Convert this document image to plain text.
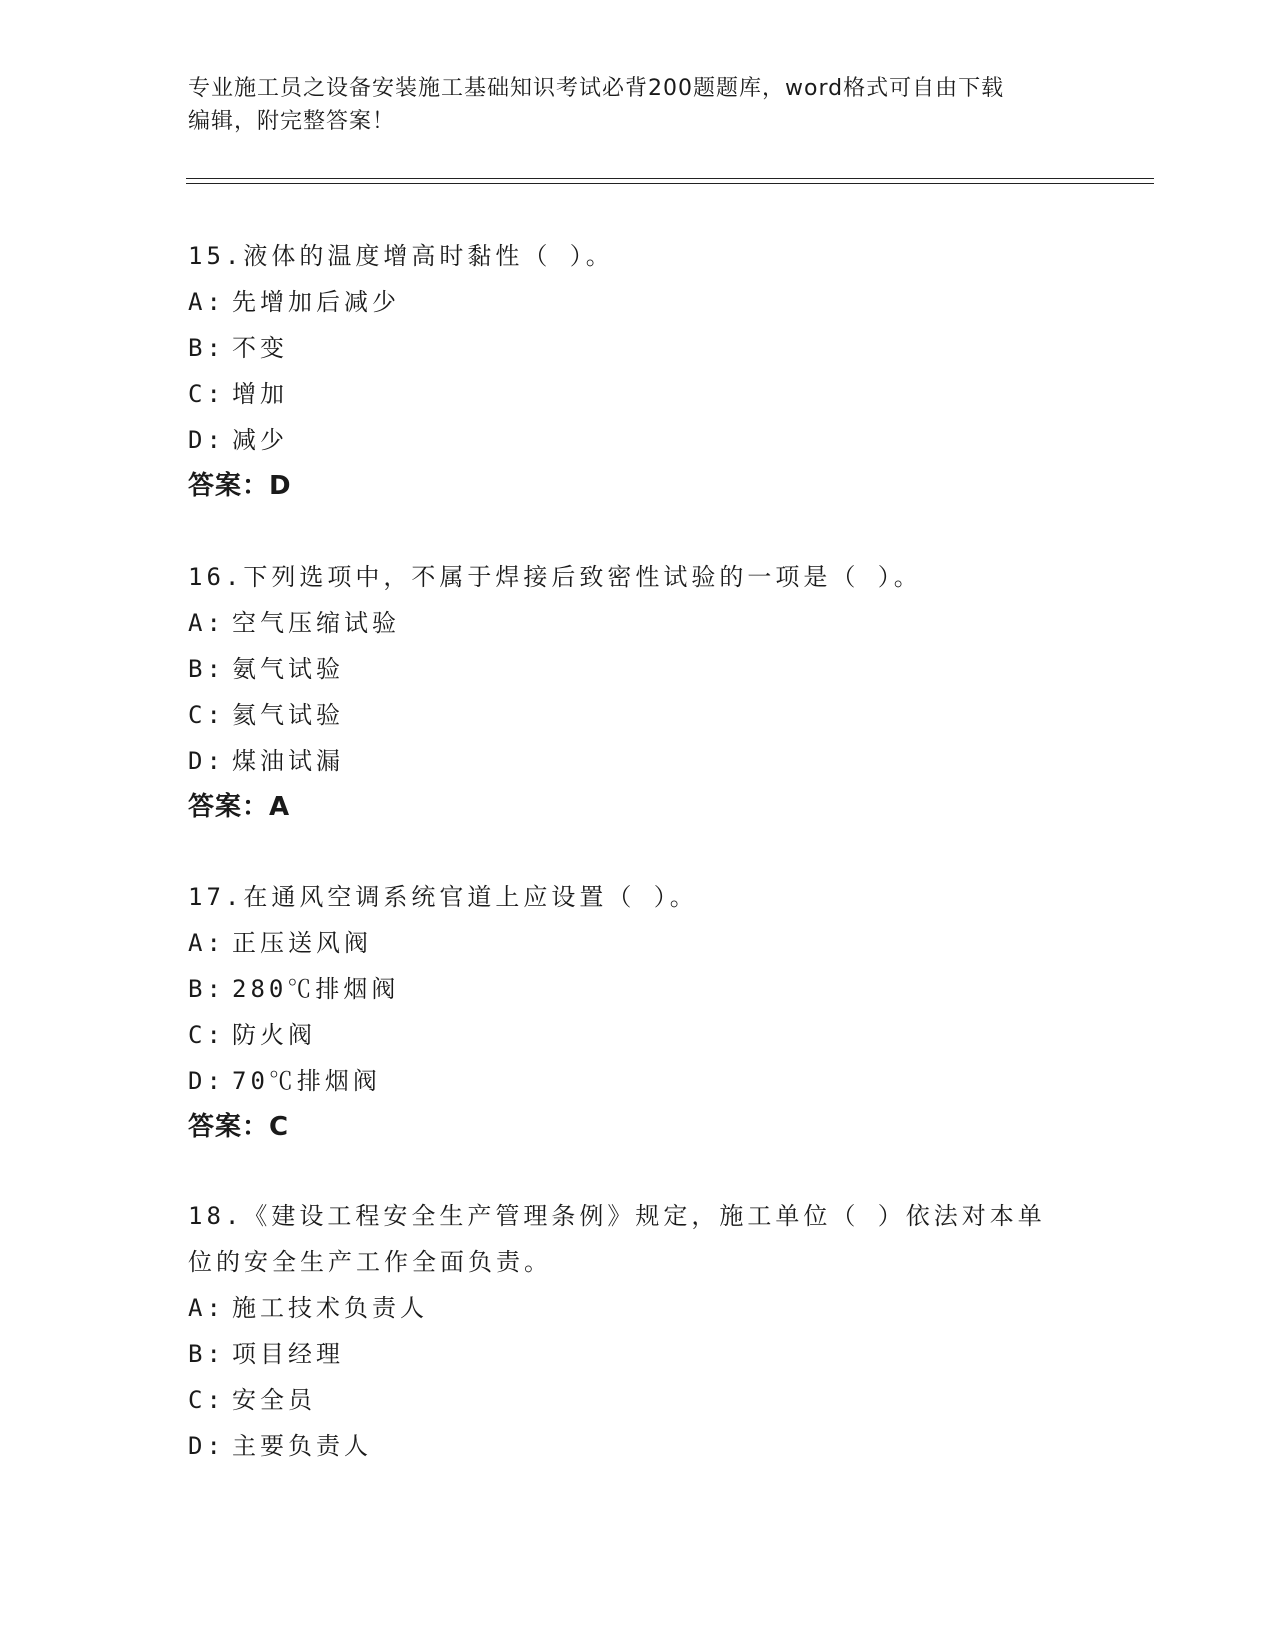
专业施工员之设备安装施工基础知识考试必背200题题库，word格式可自由下载
编辑，附完整答案！
15.液体的温度增高时黏性（ ）。
A: 先增加后减少
B: 不变
C: 增加
D: 减少
答案：D
16.下列选项中，不属于焊接后致密性试验的一项是（ ）。
A: 空气压缩试验
B: 氨气试验
C: 氦气试验
D: 煤油试漏
答案：A
17.在通风空调系统官道上应设置（ ）。
A: 正压送风阀
B: 280℃排烟阀
C: 防火阀
D: 70℃排烟阀
答案：C
18.《建设工程安全生产管理条例》规定，施工单位（ ）依法对本单
位的安全生产工作全面负责。
A: 施工技术负责人
B: 项目经理
C: 安全员
D: 主要负责人
